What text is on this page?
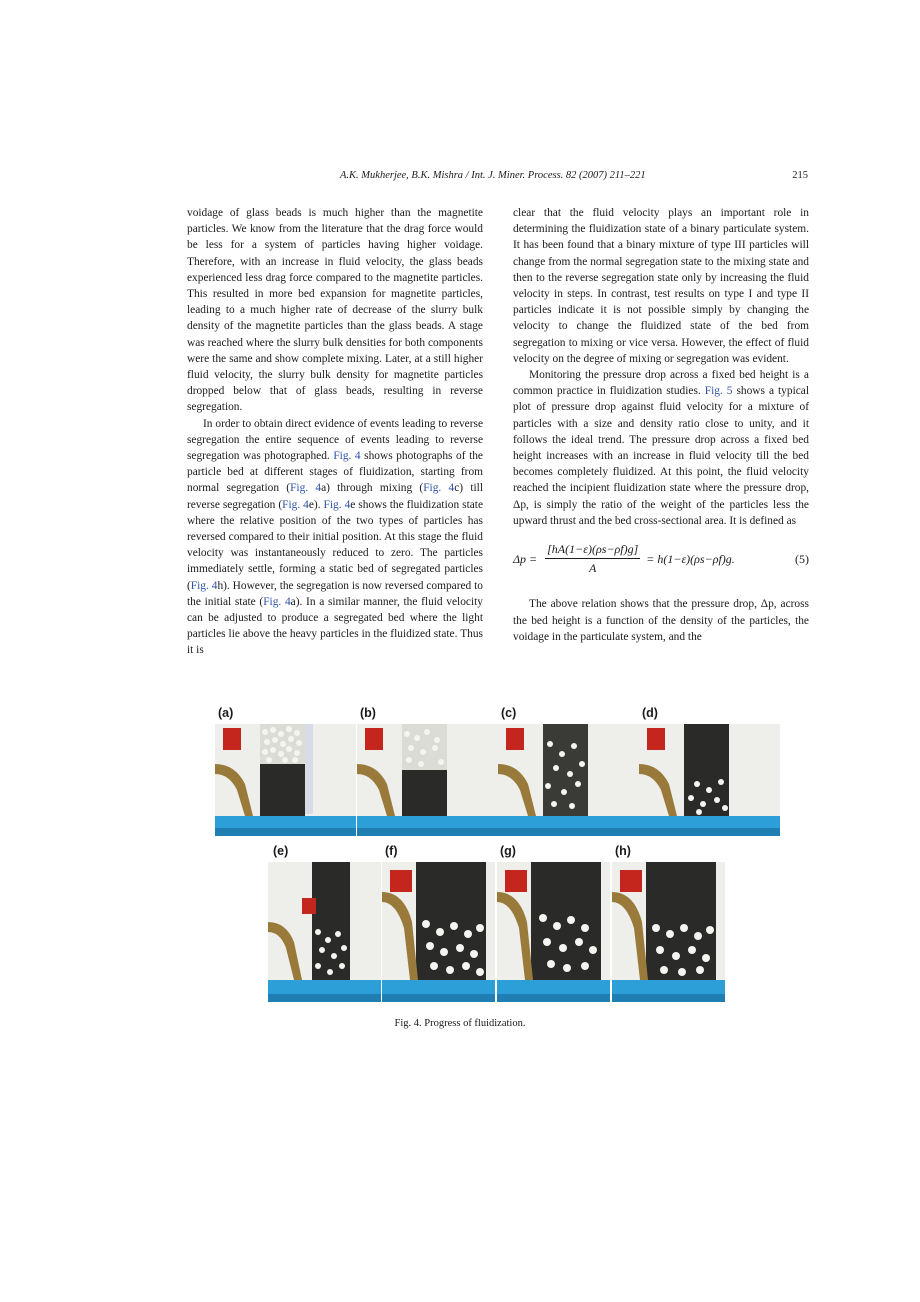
A.K. Mukherjee, B.K. Mishra / Int. J. Miner. Process. 82 (2007) 211–221	215

voidage of glass beads is much higher than the magnetite particles. We know from the literature that the drag force would be less for a system of particles having higher voidage. Therefore, with an increase in fluid velocity, the glass beads experienced less drag force compared to the magnetite particles. This resulted in more bed expansion for magnetite particles, leading to a much higher rate of decrease of the slurry bulk density of the magnetite particles than the glass beads. A stage was reached where the slurry bulk densities for both components were the same and show complete mixing. Later, at a still higher fluid velocity, the slurry bulk density for magnetite particles dropped below that of glass beads, resulting in reverse segregation.

In order to obtain direct evidence of events leading to reverse segregation the entire sequence of events leading to reverse segregation was photographed. Fig. 4 shows photographs of the particle bed at different stages of fluidization, starting from normal segregation (Fig. 4a) through mixing (Fig. 4c) till reverse segregation (Fig. 4e). Fig. 4e shows the fluidization state where the relative position of the two types of particles has reversed compared to their initial position. At this stage the fluid velocity was instantaneously reduced to zero. The particles immediately settle, forming a static bed of segregated particles (Fig. 4h). However, the segregation is now reversed compared to the initial state (Fig. 4a). In a similar manner, the fluid velocity can be adjusted to produce a segregated bed where the light particles lie above the heavy particles in the fluidized state. Thus it is

clear that the fluid velocity plays an important role in determining the fluidization state of a binary particulate system. It has been found that a binary mixture of type III particles will change from the normal segregation state to the mixing state and then to the reverse segregation state only by increasing the fluid velocity in steps. In contrast, test results on type I and type II particles indicate it is not possible simply by changing the velocity to change the fluidized state of the bed from segregation to mixing or vice versa. However, the effect of fluid velocity on the degree of mixing or segregation was evident.

Monitoring the pressure drop across a fixed bed height is a common practice in fluidization studies. Fig. 5 shows a typical plot of pressure drop against fluid velocity for a mixture of particles with a size and density ratio close to unity, and it follows the ideal trend. The pressure drop across a fixed bed height increases with an increase in fluid velocity till the bed becomes completely fluidized. At this point, the fluid velocity reached the incipient fluidization state where the pressure drop, Δp, is simply the ratio of the weight of the particles less the upward thrust and the bed cross-sectional area. It is defined as

$\Delta p = \frac{[hA(1-\varepsilon)(\rho s-\rho f)g]}{A} = h(1-\varepsilon)(\rho s-\rho f)g$.	(5)

The above relation shows that the pressure drop, Δp, across the bed height is a function of the density of the particles, the voidage in the particulate system, and the

(a)	(b)	(c)	(d)
(e)	(f)	(g)	(h)
Fig. 4. Progress of fluidization.
